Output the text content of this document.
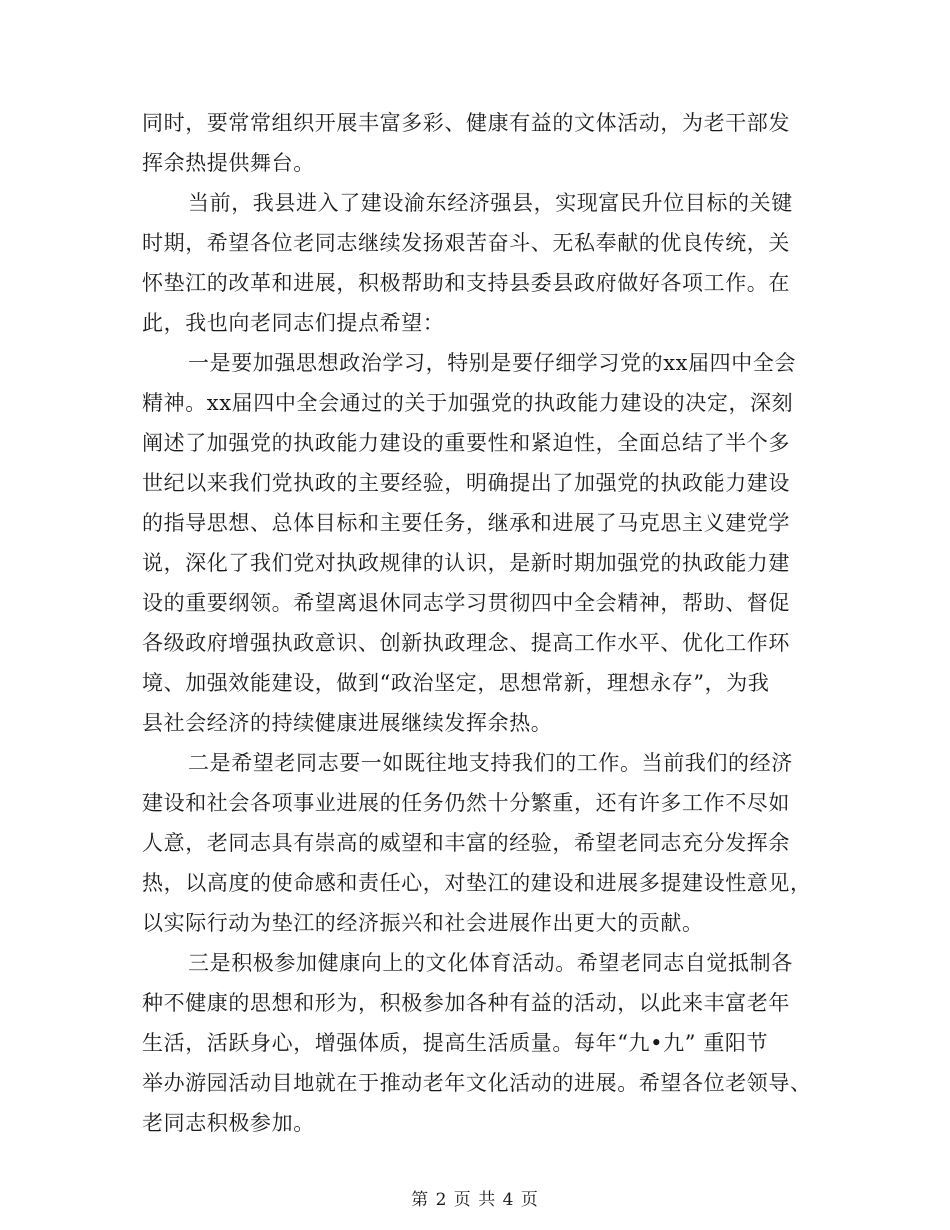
同时，要常常组织开展丰富多彩、健康有益的文体活动，为老干部发
挥余热提供舞台。
当前，我县进入了建设渝东经济强县，实现富民升位目标的关键
时期，希望各位老同志继续发扬艰苦奋斗、无私奉献的优良传统，关
怀垫江的改革和进展，积极帮助和支持县委县政府做好各项工作。在
此，我也向老同志们提点希望：
一是要加强思想政治学习，特别是要仔细学习党的xx届四中全会
精神。xx届四中全会通过的关于加强党的执政能力建设的决定，深刻
阐述了加强党的执政能力建设的重要性和紧迫性，全面总结了半个多
世纪以来我们党执政的主要经验，明确提出了加强党的执政能力建设
的指导思想、总体目标和主要任务，继承和进展了马克思主义建党学
说，深化了我们党对执政规律的认识，是新时期加强党的执政能力建
设的重要纲领。希望离退休同志学习贯彻四中全会精神，帮助、督促
各级政府增强执政意识、创新执政理念、提高工作水平、优化工作环
境、加强效能建设，做到“政治坚定，思想常新，理想永存”，为我
县社会经济的持续健康进展继续发挥余热。
二是希望老同志要一如既往地支持我们的工作。当前我们的经济
建设和社会各项事业进展的任务仍然十分繁重，还有许多工作不尽如
人意，老同志具有崇高的威望和丰富的经验，希望老同志充分发挥余
热，以高度的使命感和责任心，对垫江的建设和进展多提建设性意见，
以实际行动为垫江的经济振兴和社会进展作出更大的贡献。
三是积极参加健康向上的文化体育活动。希望老同志自觉抵制各
种不健康的思想和形为，积极参加各种有益的活动，以此来丰富老年
生活，活跃身心，增强体质，提高生活质量。每年“九•九” 重阳节
举办游园活动目地就在于推动老年文化活动的进展。希望各位老领导、
老同志积极参加。
第 2 页 共 4 页
